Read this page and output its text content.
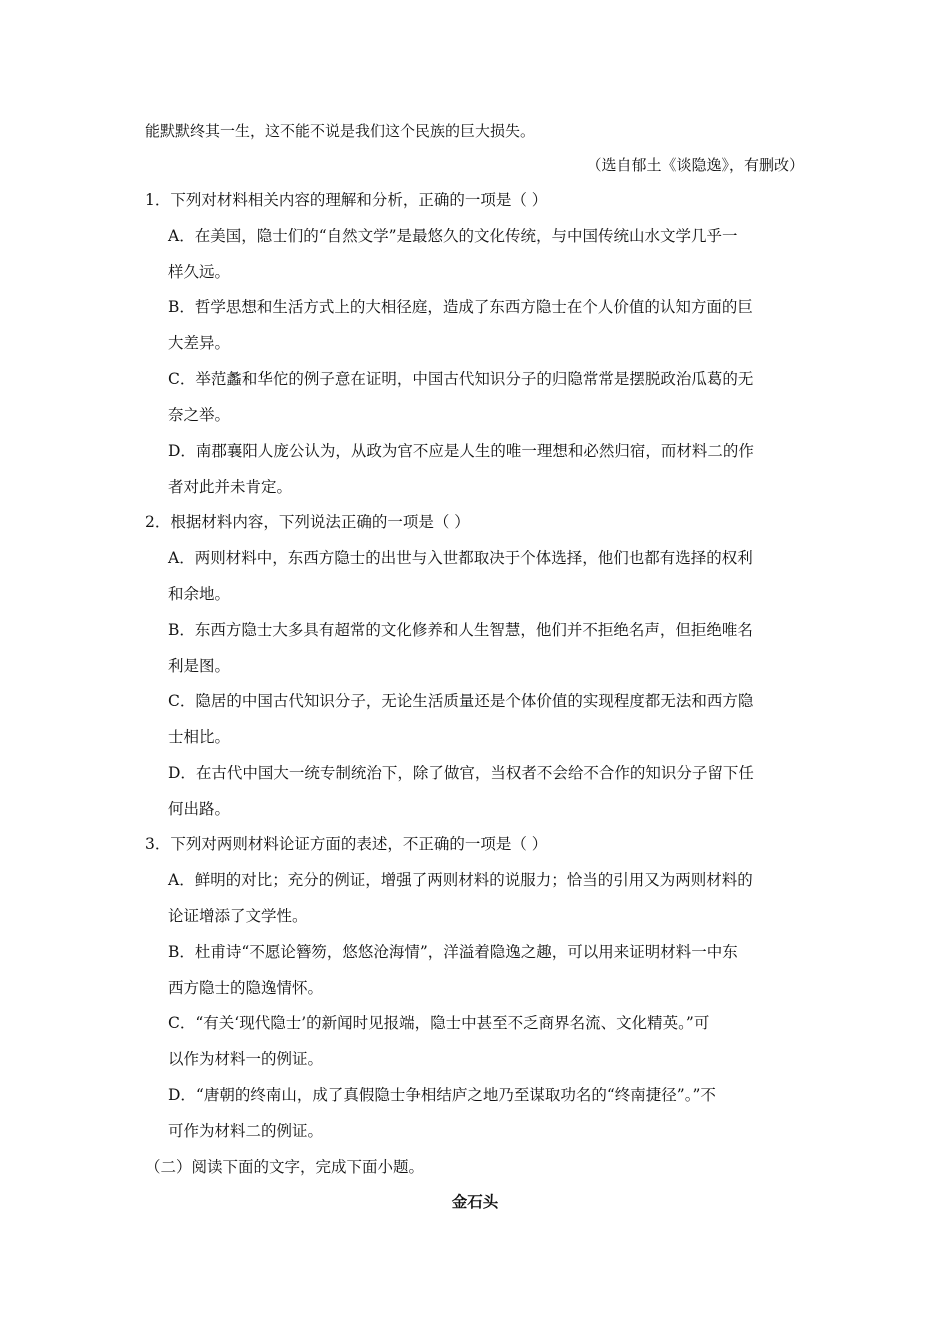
能默默终其一生，这不能不说是我们这个民族的巨大损失。
（选自郁土《谈隐逸》，有删改）
1．下列对材料相关内容的理解和分析，正确的一项是（ ）
A．在美国，隐士们的“自然文学”是最悠久的文化传统，与中国传统山水文学几乎一
样久远。
B．哲学思想和生活方式上的大相径庭，造成了东西方隐士在个人价值的认知方面的巨
大差异。
C．举范蠡和华佗的例子意在证明，中国古代知识分子的归隐常常是摆脱政治瓜葛的无
奈之举。
D．南郡襄阳人庞公认为，从政为官不应是人生的唯一理想和必然归宿，而材料二的作
者对此并未肯定。
2．根据材料内容，下列说法正确的一项是（ ）
A．两则材料中，东西方隐士的出世与入世都取决于个体选择，他们也都有选择的权利
和余地。
B．东西方隐士大多具有超常的文化修养和人生智慧，他们并不拒绝名声，但拒绝唯名
利是图。
C．隐居的中国古代知识分子，无论生活质量还是个体价值的实现程度都无法和西方隐
士相比。
D．在古代中国大一统专制统治下，除了做官，当权者不会给不合作的知识分子留下任
何出路。
3．下列对两则材料论证方面的表述，不正确的一项是（ ）
A．鲜明的对比；充分的例证，增强了两则材料的说服力；恰当的引用又为两则材料的
论证增添了文学性。
B．杜甫诗“不愿论簪笏，悠悠沧海情”，洋溢着隐逸之趣，可以用来证明材料一中东
西方隐士的隐逸情怀。
C．“有关‘现代隐士’的新闻时见报端，隐士中甚至不乏商界名流、文化精英。”可
以作为材料一的例证。
D．“唐朝的终南山，成了真假隐士争相结庐之地乃至谋取功名的“终南捷径”。”不
可作为材料二的例证。
（二）阅读下面的文字，完成下面小题。
金石头
